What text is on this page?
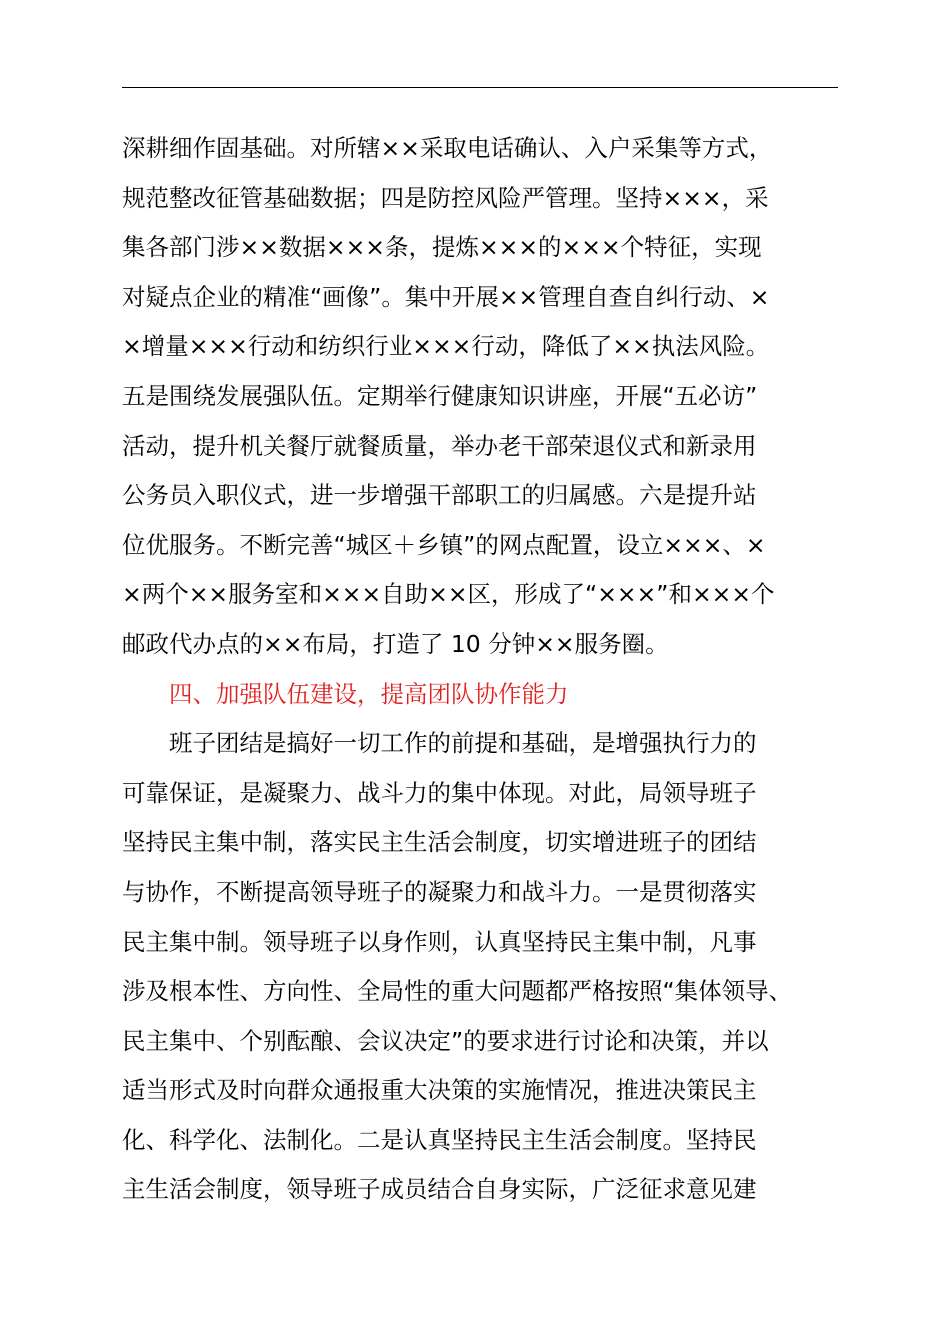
深耕细作固基础。对所辖××采取电话确认、入户采集等方式，
规范整改征管基础数据；四是防控风险严管理。坚持×××，采
集各部门涉××数据×××条，提炼×××的×××个特征，实现
对疑点企业的精准“画像”。集中开展××管理自查自纠行动、×
×增量×××行动和纺织行业×××行动，降低了××执法风险。
五是围绕发展强队伍。定期举行健康知识讲座，开展“五必访”
活动，提升机关餐厅就餐质量，举办老干部荣退仪式和新录用
公务员入职仪式，进一步增强干部职工的归属感。六是提升站
位优服务。不断完善“城区＋乡镇”的网点配置，设立×××、×
×两个××服务室和×××自助××区，形成了“×××”和×××个
邮政代办点的××布局，打造了 10 分钟××服务圈。
四、加强队伍建设，提高团队协作能力
班子团结是搞好一切工作的前提和基础，是增强执行力的
可靠保证，是凝聚力、战斗力的集中体现。对此，局领导班子
坚持民主集中制，落实民主生活会制度，切实增进班子的团结
与协作，不断提高领导班子的凝聚力和战斗力。一是贯彻落实
民主集中制。领导班子以身作则，认真坚持民主集中制，凡事
涉及根本性、方向性、全局性的重大问题都严格按照“集体领导、
民主集中、个别酝酿、会议决定”的要求进行讨论和决策，并以
适当形式及时向群众通报重大决策的实施情况，推进决策民主
化、科学化、法制化。二是认真坚持民主生活会制度。坚持民
主生活会制度，领导班子成员结合自身实际，广泛征求意见建
